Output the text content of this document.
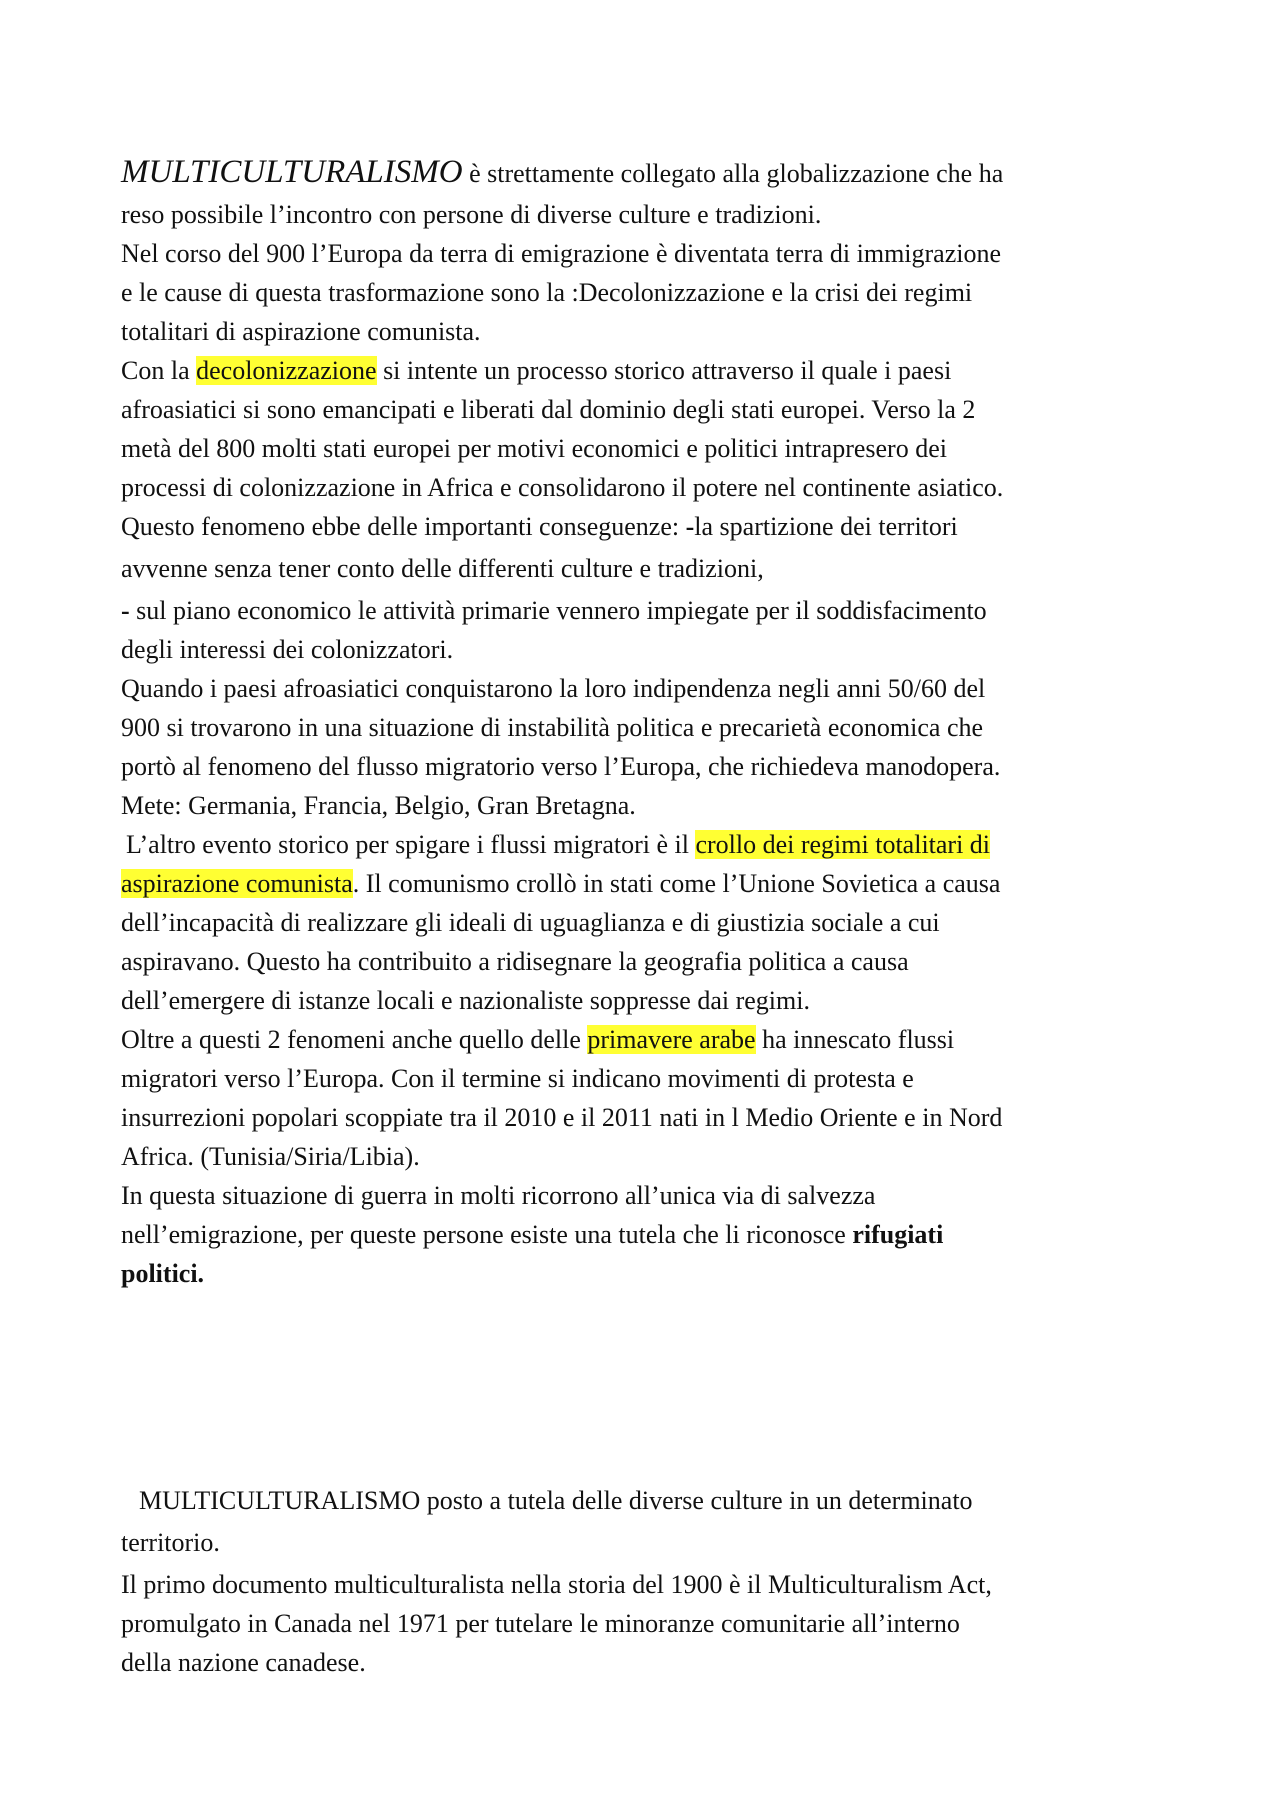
MULTICULTURALISMO è strettamente collegato alla globalizzazione che ha
reso possibile l’incontro con persone di diverse culture e tradizioni.
Nel corso del 900 l’Europa da terra di emigrazione è diventata terra di immigrazione
e le cause di questa trasformazione sono la :Decolonizzazione e la crisi dei regimi
totalitari di aspirazione comunista.
Con la decolonizzazione si intente un processo storico attraverso il quale i paesi
afroasiatici si sono emancipati e liberati dal dominio degli stati europei. Verso la 2
metà del 800 molti stati europei per motivi economici e politici intrapresero dei
processi di colonizzazione in Africa e consolidarono il potere nel continente asiatico.
Questo fenomeno ebbe delle importanti conseguenze: -la spartizione dei territori
avvenne senza tener conto delle differenti culture e tradizioni,
- sul piano economico le attività primarie vennero impiegate per il soddisfacimento
degli interessi dei colonizzatori.
Quando i paesi afroasiatici conquistarono la loro indipendenza negli anni 50/60 del
900 si trovarono in una situazione di instabilità politica e precarietà economica che
portò al fenomeno del flusso migratorio verso l’Europa, che richiedeva manodopera.
Mete: Germania, Francia, Belgio, Gran Bretagna.
L’altro evento storico per spigare i flussi migratori è il crollo dei regimi totalitari di
aspirazione comunista. Il comunismo crollò in stati come l’Unione Sovietica a causa
dell’incapacità di realizzare gli ideali di uguaglianza e di giustizia sociale a cui
aspiravano. Questo ha contribuito a ridisegnare la geografia politica a causa
dell’emergere di istanze locali e nazionaliste soppresse dai regimi.
Oltre a questi 2 fenomeni anche quello delle primavere arabe ha innescato flussi
migratori verso l’Europa. Con il termine si indicano movimenti di protesta e
insurrezioni popolari scoppiate tra il 2010 e il 2011 nati in l Medio Oriente e in Nord
Africa. (Tunisia/Siria/Libia).
In questa situazione di guerra in molti ricorrono all’unica via di salvezza
nell’emigrazione, per queste persone esiste una tutela che li riconosce rifugiati
politici.
MULTICULTURALISMO posto a tutela delle diverse culture in un determinato
territorio.
Il primo documento multiculturalista nella storia del 1900 è il Multiculturalism Act,
promulgato in Canada nel 1971 per tutelare le minoranze comunitarie all’interno
della nazione canadese.
